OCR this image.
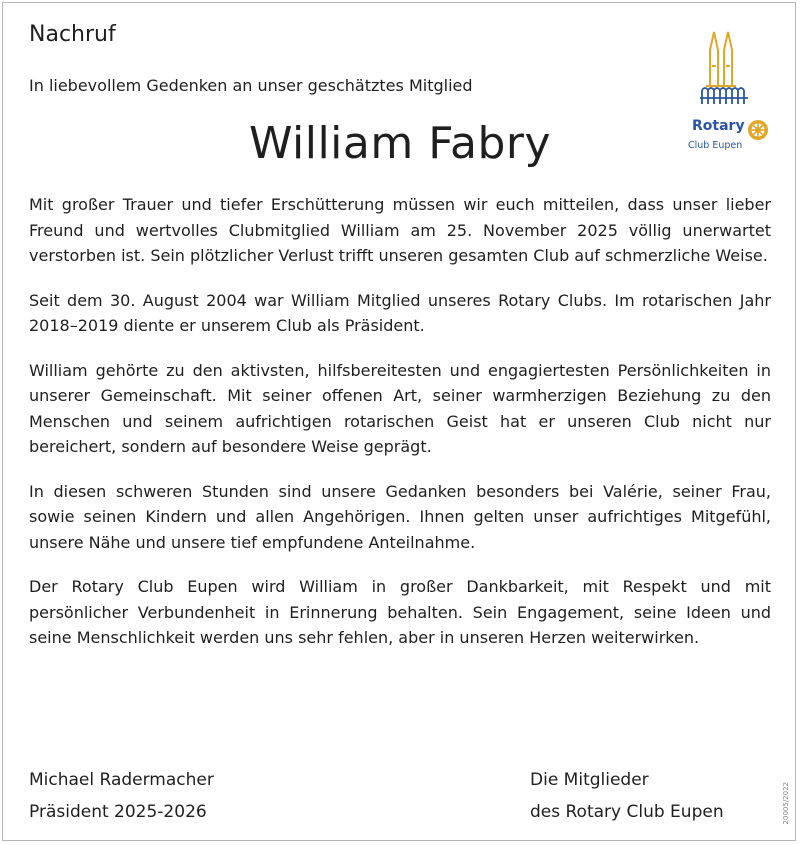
Nachruf
In liebevollem Gedenken an unser geschätztes Mitglied
William Fabry	Rotary
Club Eupen

Mit großer Trauer und tiefer Erschütterung müssen wir euch mitteilen, dass unser lieber Freund und wertvolles Clubmitglied William am 25. November 2025 völlig unerwartet verstorben ist. Sein plötzlicher Verlust trifft unseren gesamten Club auf schmerzliche Weise.

Seit dem 30. August 2004 war William Mitglied unseres Rotary Clubs. Im rotarischen Jahr 2018–2019 diente er unserem Club als Präsident.

William gehörte zu den aktivsten, hilfsbereitesten und engagiertesten Persönlichkeiten in unserer Gemeinschaft. Mit seiner offenen Art, seiner warmherzigen Beziehung zu den Menschen und seinem aufrichtigen rotarischen Geist hat er unseren Club nicht nur bereichert, sondern auf besondere Weise geprägt.

In diesen schweren Stunden sind unsere Gedanken besonders bei Valérie, seiner Frau, sowie seinen Kindern und allen Angehörigen. Ihnen gelten unser aufrichtiges Mitgefühl, unsere Nähe und unsere tief empfundene Anteilnahme.

Der Rotary Club Eupen wird William in großer Dankbarkeit, mit Respekt und mit persönlicher Verbundenheit in Erinnerung behalten. Sein Engagement, seine Ideen und seine Menschlichkeit werden uns sehr fehlen, aber in unseren Herzen weiterwirken.

Michael Radermacher
Präsident 2025-2026
Die Mitglieder
des Rotary Club Eupen	20005/2022
